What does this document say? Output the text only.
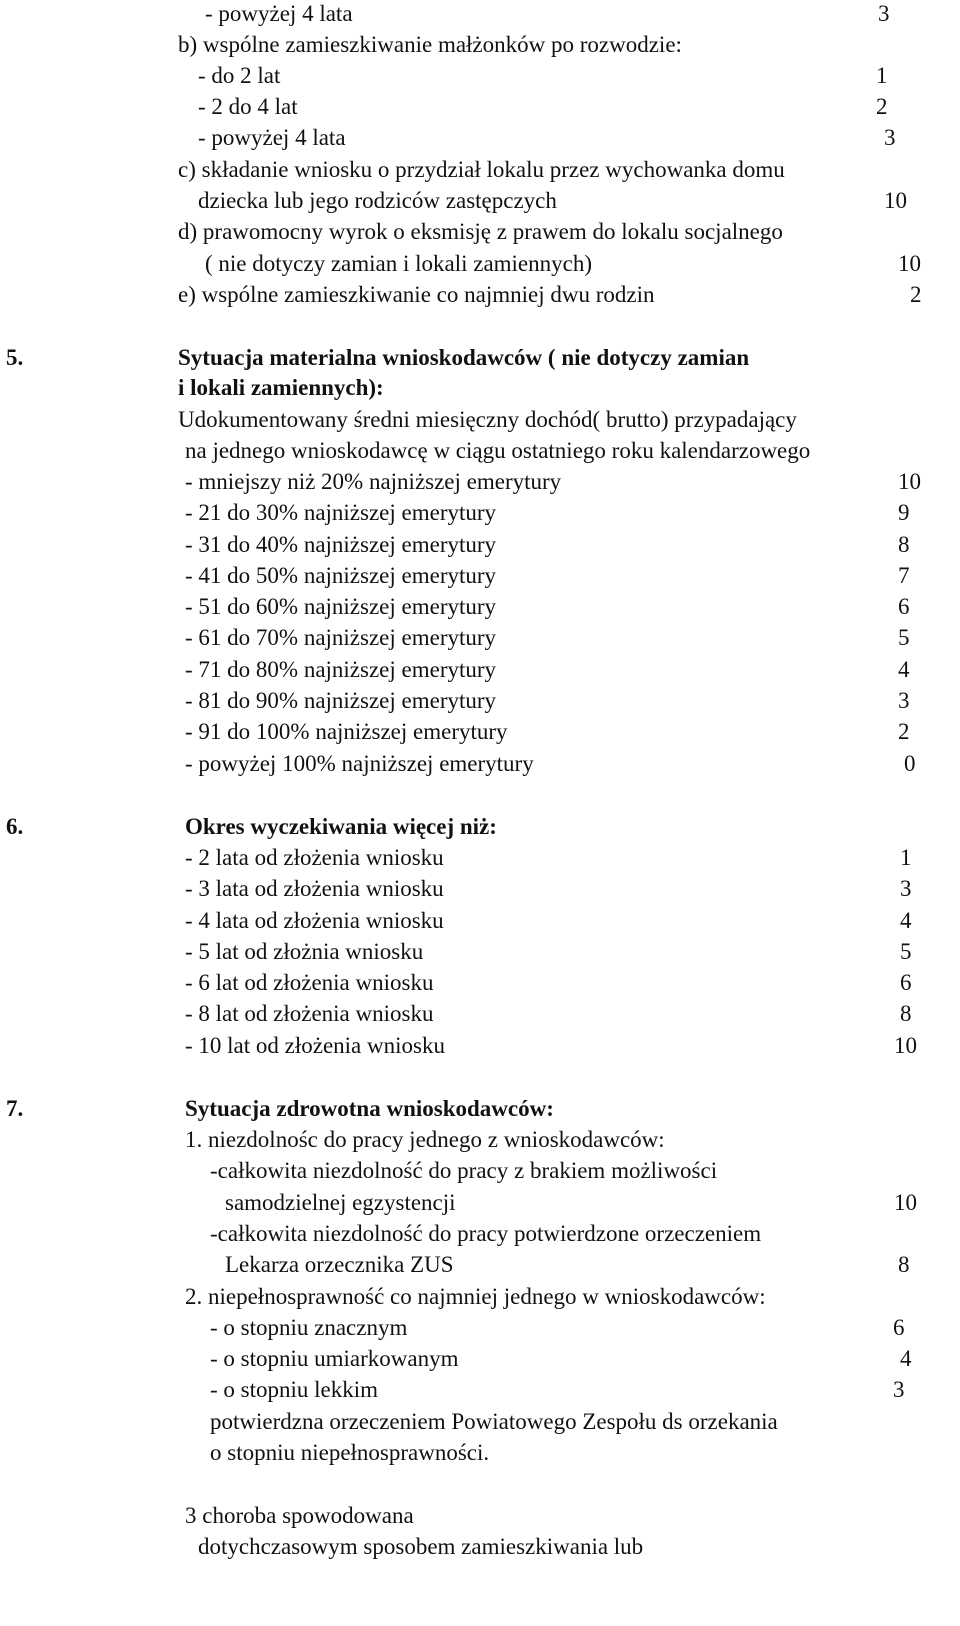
- powyżej 4 lata	3
b) wspólne zamieszkiwanie małżonków po rozwodzie:
- do 2 lat	1
- 2 do 4 lat	2
- powyżej 4 lata	3
c) składanie wniosku o przydział lokalu przez wychowanka domu
dziecka lub jego rodziców zastępczych	10
d) prawomocny wyrok o eksmisję z prawem do lokalu socjalnego
( nie dotyczy zamian i lokali zamiennych)	10
e) wspólne zamieszkiwanie co najmniej dwu rodzin	2
5.	Sytuacja materialna wnioskodawców ( nie dotyczy zamian
i lokali zamiennych):
Udokumentowany średni miesięczny dochód( brutto) przypadający
na jednego wnioskodawcę w ciągu ostatniego roku kalendarzowego
- mniejszy niż 20% najniższej emerytury	10
- 21 do 30% najniższej emerytury	9
- 31 do 40% najniższej emerytury	8
- 41 do 50% najniższej emerytury	7
- 51 do 60% najniższej emerytury	6
- 61 do 70% najniższej emerytury	5
- 71 do 80% najniższej emerytury	4
- 81 do 90% najniższej emerytury	3
- 91 do 100% najniższej emerytury	2
- powyżej 100% najniższej emerytury	0
6.	Okres wyczekiwania więcej niż:
- 2 lata od złożenia wniosku	1
- 3 lata od złożenia wniosku	3
- 4 lata od złożenia wniosku	4
- 5 lat od złożnia wniosku	5
- 6 lat od złożenia wniosku	6
- 8 lat od złożenia wniosku	8
- 10 lat od złożenia wniosku	10
7.	Sytuacja zdrowotna wnioskodawców:
1. niezdolnośc do pracy jednego z wnioskodawców:
-całkowita niezdolność do pracy z brakiem możliwości
samodzielnej egzystencji	10
-całkowita niezdolność do pracy potwierdzone orzeczeniem
Lekarza orzecznika ZUS	8
2. niepełnosprawność co najmniej jednego w wnioskodawców:
- o stopniu znacznym	6
- o stopniu umiarkowanym	4
- o stopniu lekkim	3
potwierdzna orzeczeniem Powiatowego Zespołu ds orzekania
o stopniu niepełnosprawności.
3 choroba spowodowana
dotychczasowym sposobem zamieszkiwania lub
